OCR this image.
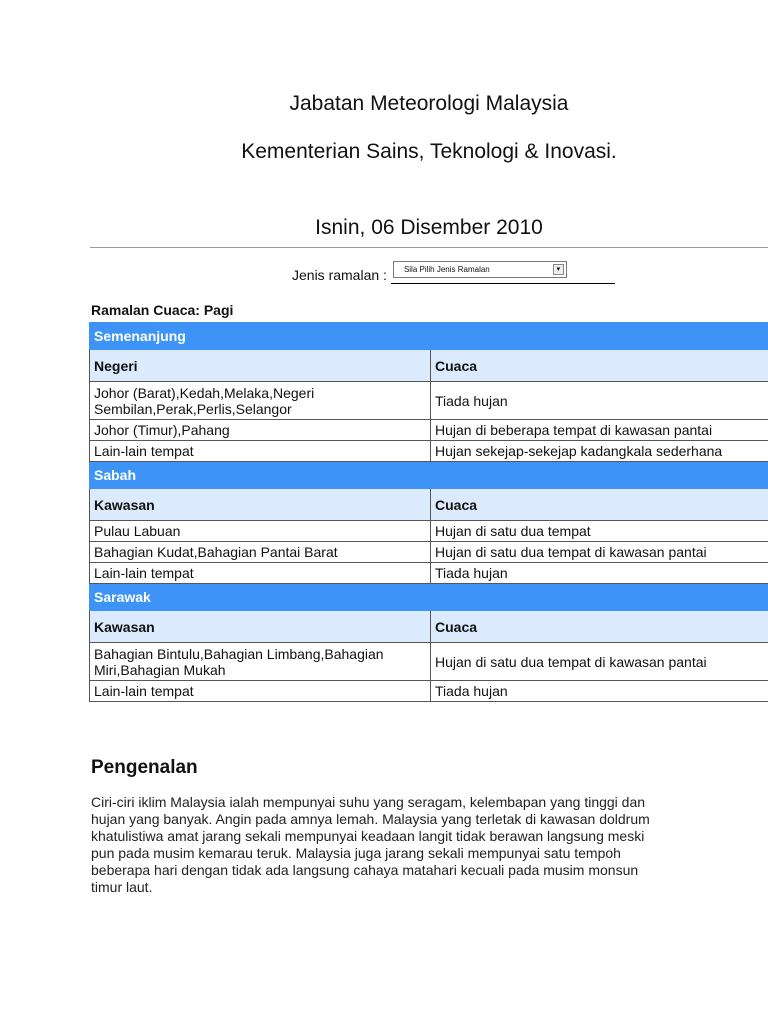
Jabatan Meteorologi Malaysia
Kementerian Sains, Teknologi & Inovasi.
Isnin, 06 Disember 2010
Jenis ramalan :	Sila Pilih Jenis Ramalan	▾
Ramalan Cuaca: Pagi
Semenanjung	
Negeri	Cuaca
Johor (Barat),Kedah,Melaka,Negeri Sembilan,Perak,Perlis,Selangor	Tiada hujan
Johor (Timur),Pahang	Hujan di beberapa tempat di kawasan pantai
Lain-lain tempat	Hujan sekejap-sekejap kadangkala sederhana
Sabah	
Kawasan	Cuaca
Pulau Labuan	Hujan di satu dua tempat
Bahagian Kudat,Bahagian Pantai Barat	Hujan di satu dua tempat di kawasan pantai
Lain-lain tempat	Tiada hujan
Sarawak	
Kawasan	Cuaca
Bahagian Bintulu,Bahagian Limbang,Bahagian Miri,Bahagian Mukah	Hujan di satu dua tempat di kawasan pantai
Lain-lain tempat	Tiada hujan
Pengenalan
Ciri-ciri iklim Malaysia ialah mempunyai suhu yang seragam, kelembapan yang tinggi dan hujan yang banyak. Angin pada amnya lemah. Malaysia yang terletak di kawasan doldrum khatulistiwa amat jarang sekali mempunyai keadaan langit tidak berawan langsung meski pun pada musim kemarau teruk. Malaysia juga jarang sekali mempunyai satu tempoh beberapa hari dengan tidak ada langsung cahaya matahari kecuali pada musim monsun timur laut.
